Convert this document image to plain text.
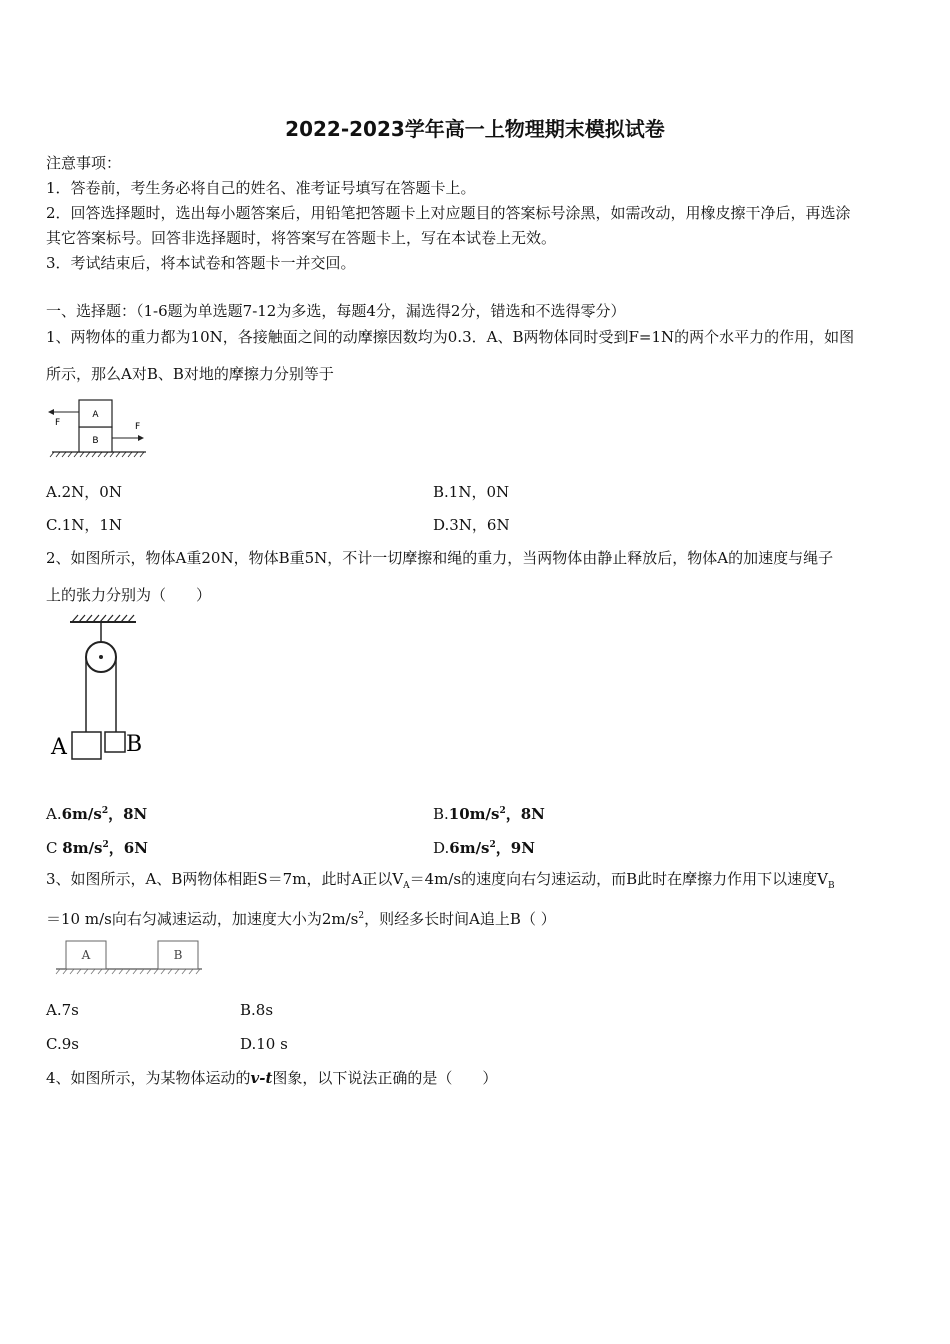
2022-2023学年高一上物理期末模拟试卷
注意事项：
1．答卷前，考生务必将自己的姓名、准考证号填写在答题卡上。
2．回答选择题时，选出每小题答案后，用铅笔把答题卡上对应题目的答案标号涂黑，如需改动，用橡皮擦干净后，再选涂
其它答案标号。回答非选择题时，将答案写在答题卡上，写在本试卷上无效。
3．考试结束后，将本试卷和答题卡一并交回。
一、选择题：（1-6题为单选题7-12为多选，每题4分，漏选得2分，错选和不选得零分）
1、两物体的重力都为10N，各接触面之间的动摩擦因数均为0.3．A、B两物体同时受到F=1N的两个水平力的作用，如图
所示，那么A对B、B对地的摩擦力分别等于
A
B
F	F
A.2N，0N	B.1N，0N
C.1N，1N	D.3N，6N
2、如图所示，物体A重20N，物体B重5N，不计一切摩擦和绳的重力，当两物体由静止释放后，物体A的加速度与绳子
上的张力分别为（　　）
A	B
$A.6m/s^2$，8N	$B.10m/s^2$，8N
C $8m/s^2$，6N	$D.6m/s^2$，9N
3、如图所示，A、B两物体相距S＝7m，此时A正以$V_A=4m/s$的速度向右匀速运动，而B此时在摩擦力作用下以速度$V_B$
＝10 m/s向右匀减速运动，加速度大小为$2m/s^2$，则经多长时间A追上B（ ）
A	B
A.7s	B.8s
C.9s	D.10 s
4、如图所示，为某物体运动的v-t图象，以下说法正确的是（　　）
